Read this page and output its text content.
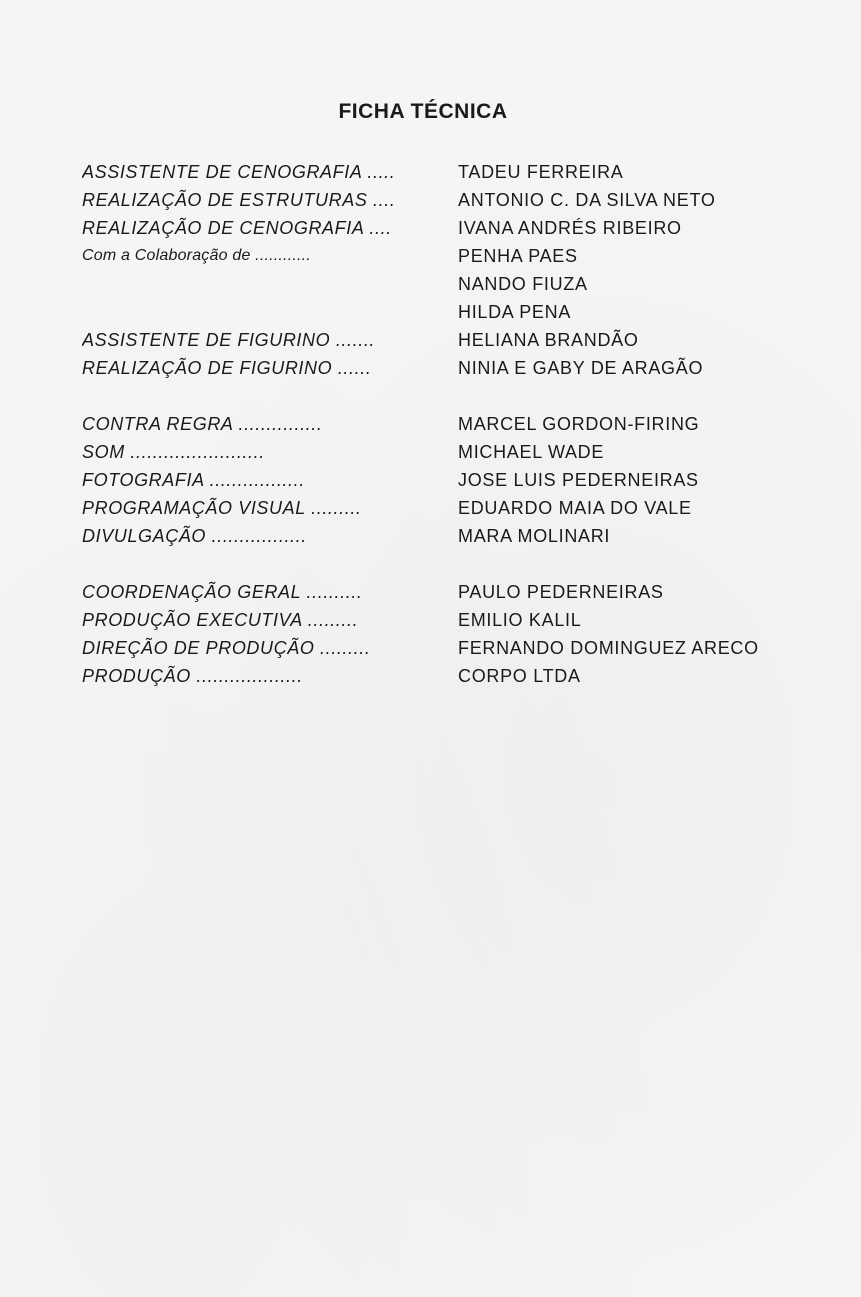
FICHA TÉCNICA
ASSISTENTE DE CENOGRAFIA .....	TADEU FERREIRA
REALIZAÇÃO DE ESTRUTURAS ....	ANTONIO C. DA SILVA NETO
REALIZAÇÃO DE CENOGRAFIA ....	IVANA ANDRÉS RIBEIRO
Com a Colaboração de ............	PENHA PAES
NANDO FIUZA
HILDA PENA
ASSISTENTE DE FIGURINO .......	HELIANA BRANDÃO
REALIZAÇÃO DE FIGURINO ......	NINIA E GABY DE ARAGÃO
CONTRA REGRA ...............	MARCEL GORDON-FIRING
SOM ........................	MICHAEL WADE
FOTOGRAFIA .................	JOSE LUIS PEDERNEIRAS
PROGRAMAÇÃO VISUAL .........	EDUARDO MAIA DO VALE
DIVULGAÇÃO .................	MARA MOLINARI
COORDENAÇÃO GERAL ..........	PAULO PEDERNEIRAS
PRODUÇÃO EXECUTIVA .........	EMILIO KALIL
DIREÇÃO DE PRODUÇÃO .........	FERNANDO DOMINGUEZ ARECO
PRODUÇÃO ...................	CORPO LTDA
